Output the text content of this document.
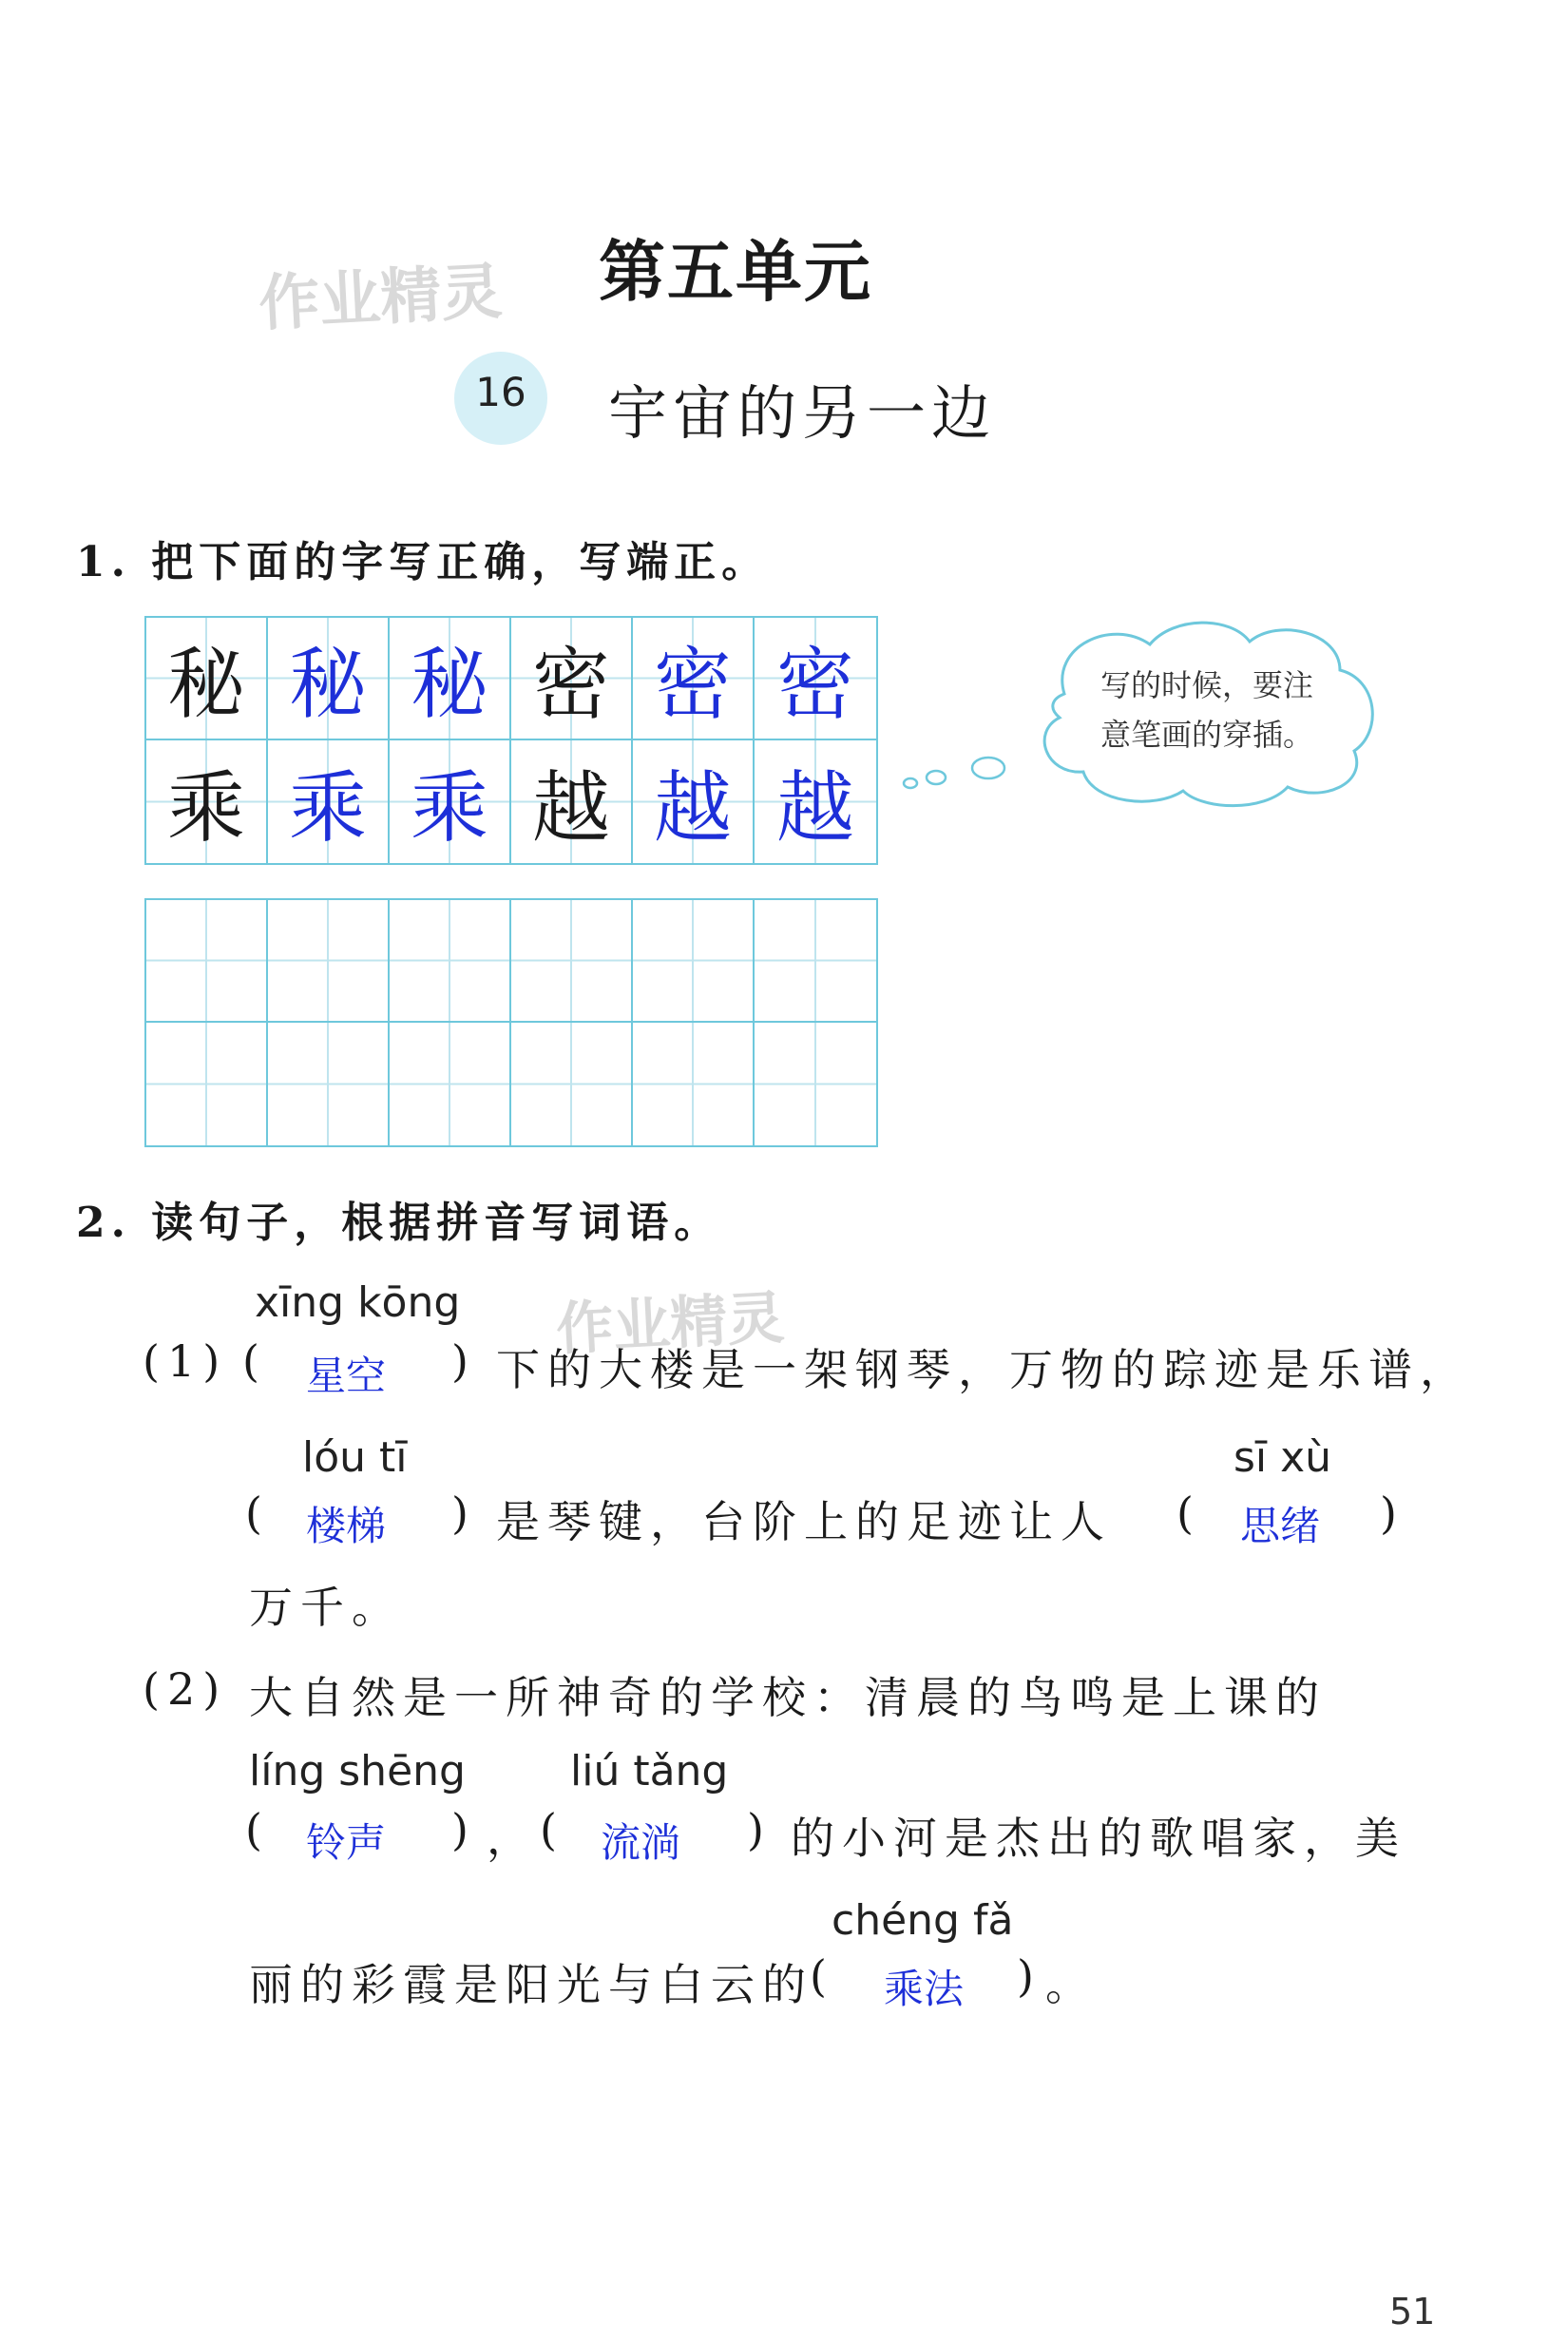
作业精灵
作业精灵
第五单元
16	宇宙的另一边
1. 把下面的字写正确，写端正。
秘 秘 秘 密 密 密
乘 乘 乘 越 越 越
写的时候，要注
意笔画的穿插。
2. 读句子，根据拼音写词语。
xīng kōng
(1) ( 星空 ) 下的大楼是一架钢琴，万物的踪迹是乐谱，
lóu tī	sī xù
( 楼梯 ) 是琴键，台阶上的足迹让人 ( 思绪 )
万千。
(2) 大自然是一所神奇的学校：清晨的鸟鸣是上课的
líng shēng	liú tǎng
( 铃声 ) ， ( 流淌 ) 的小河是杰出的歌唱家，美
chéng fǎ
丽的彩霞是阳光与白云的
( 乘法 ) 。
51
